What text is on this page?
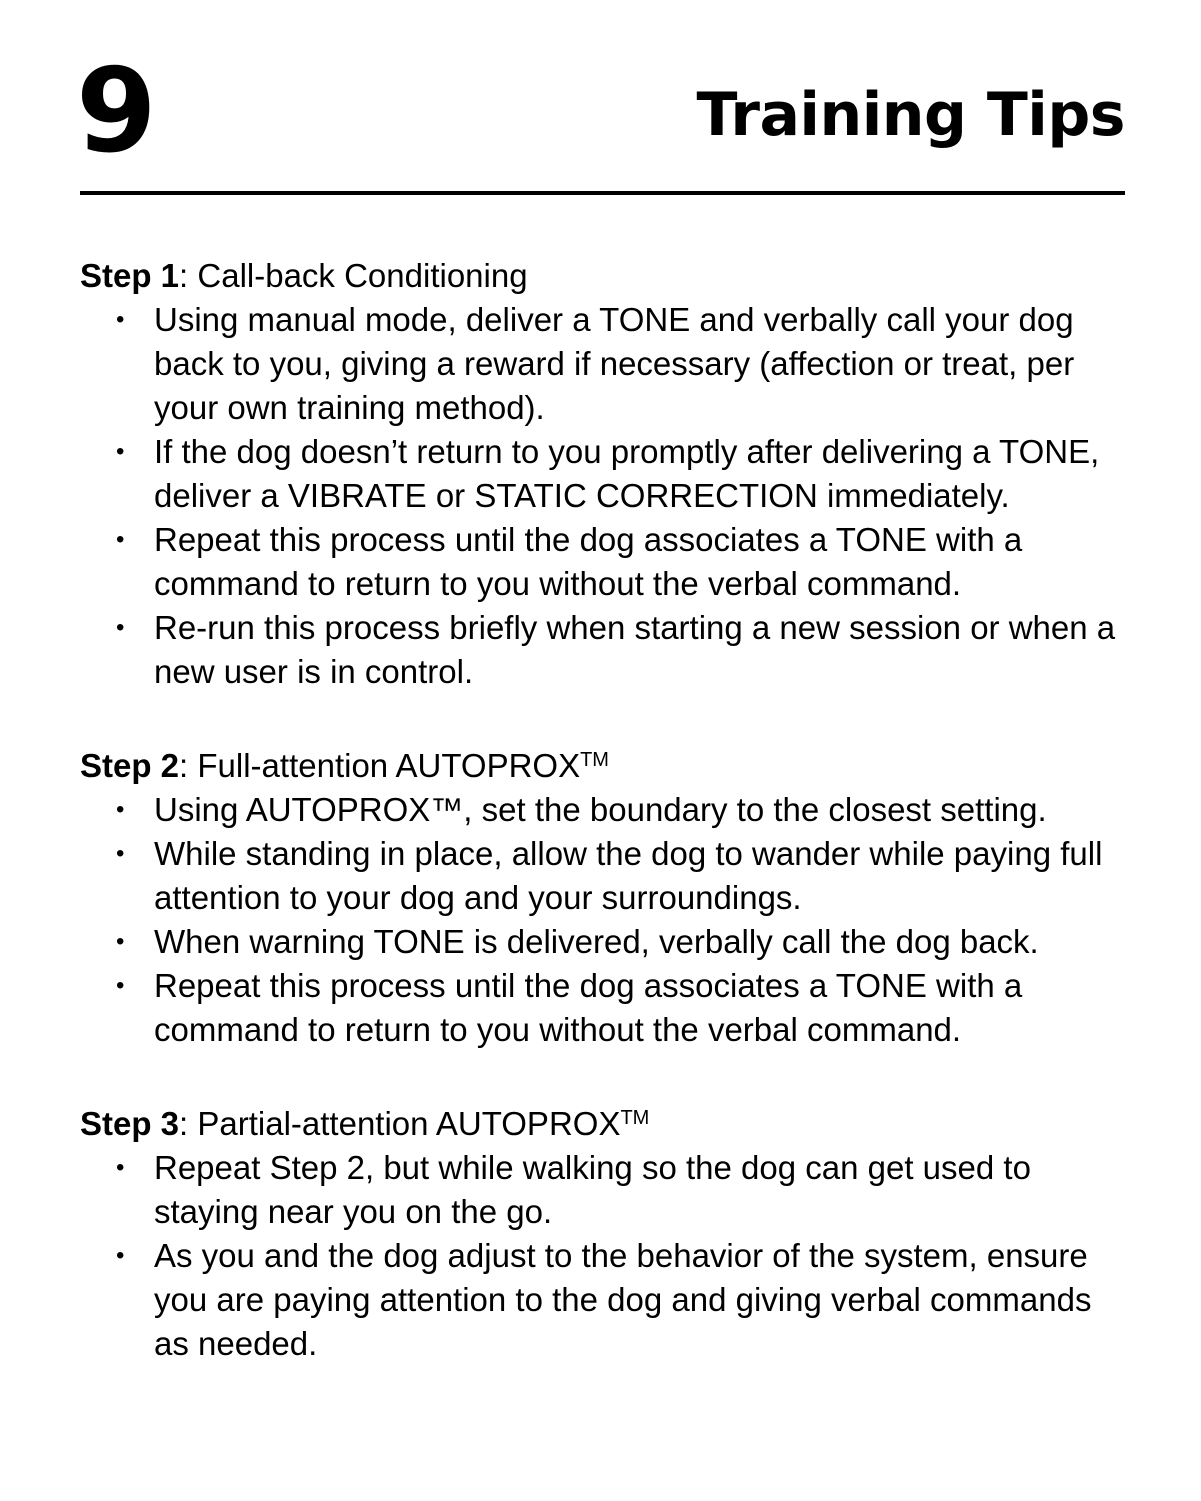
9	Training Tips

Step 1: Call-back Conditioning

• Using manual mode, deliver a TONE and verbally call your dog back to you, giving a reward if necessary (affection or treat, per your own training method).
• If the dog doesn’t return to you promptly after delivering a TONE, deliver a VIBRATE or STATIC CORRECTION immediately.
• Repeat this process until the dog associates a TONE with a command to return to you without the verbal command.
• Re-run this process briefly when starting a new session or when a new user is in control.

Step 2: Full-attention AUTOPROX™

• Using AUTOPROX™, set the boundary to the closest setting.
• While standing in place, allow the dog to wander while paying full attention to your dog and your surroundings.
• When warning TONE is delivered, verbally call the dog back.
• Repeat this process until the dog associates a TONE with a command to return to you without the verbal command.

Step 3: Partial-attention AUTOPROX™

• Repeat Step 2, but while walking so the dog can get used to staying near you on the go.
• As you and the dog adjust to the behavior of the system, ensure you are paying attention to the dog and giving verbal commands as needed.
